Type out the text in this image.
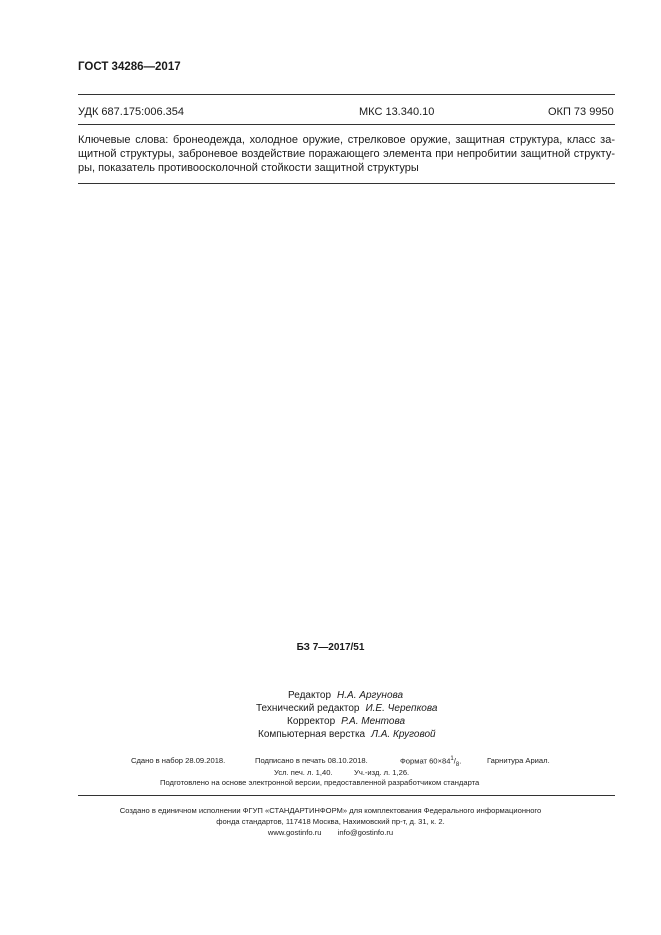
ГОСТ 34286—2017
УДК 687.175:006.354	МКС 13.340.10	ОКП 73 9950
Ключевые слова: бронеодежда, холодное оружие, стрелковое оружие, защитная структура, класс за-
щитной структуры, заброневое воздействие поражающего элемента при непробитии защитной структу-
ры, показатель противоосколочной стойкости защитной структуры
БЗ 7—2017/51
Редактор Н.А. Аргунова
Технический редактор И.Е. Черепкова
Корректор Р.А. Ментова
Компьютерная верстка Л.А. Круговой
Сдано в набор 28.09.2018.	Подписано в печать 08.10.2018.	Формат $60\times 84^1/_8$.	Гарнитура Ариал.
Усл. печ. л. 1,40.	Уч.-изд. л. 1,26.
Подготовлено на основе электронной версии, предоставленной разработчиком стандарта
Создано в единичном исполнении ФГУП «СТАНДАРТИНФОРМ» для комплектования Федерального информационного
фонда стандартов, 117418 Москва, Нахимовский пр-т, д. 31, к. 2.
www.gostinfo.ru info@gostinfo.ru
